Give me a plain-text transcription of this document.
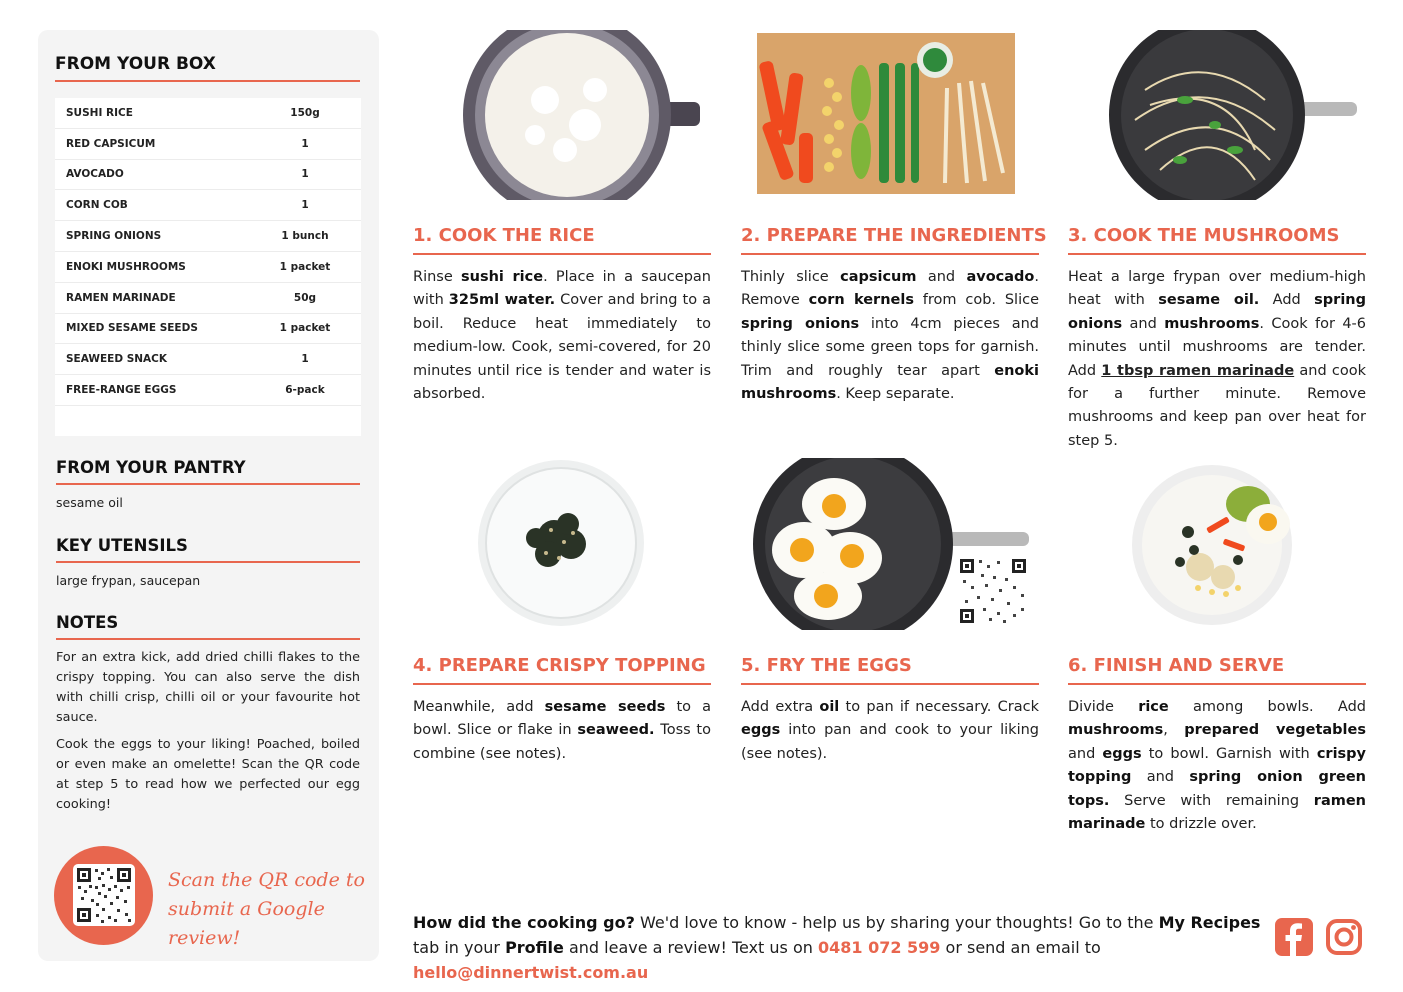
FROM YOUR BOX
SUSHI RICE	150g
RED CAPSICUM	1
AVOCADO	1
CORN COB	1
SPRING ONIONS	1 bunch
ENOKI MUSHROOMS	1 packet
RAMEN MARINADE	50g
MIXED SESAME SEEDS	1 packet
SEAWEED SNACK	1
FREE-RANGE EGGS	6-pack
FROM YOUR PANTRY
sesame oil
KEY UTENSILS
large frypan, saucepan
NOTES

For an extra kick, add dried chilli flakes to the crispy topping. You can also serve the dish with chilli crisp, chilli oil or your favourite hot sauce.

Cook the eggs to your liking! Poached, boiled or even make an omelette! Scan the QR code at step 5 to read how we perfected our egg cooking!

Scan the QR code to
submit a Google review!
1. COOK THE RICE
Rinse sushi rice. Place in a saucepan with 325ml water. Cover and bring to a boil. Reduce heat immediately to medium-low. Cook, semi-covered, for 20 minutes until rice is tender and water is absorbed.
2. PREPARE THE INGREDIENTS
Thinly slice capsicum and avocado. Remove corn kernels from cob. Slice spring onions into 4cm pieces and thinly slice some green tops for garnish. Trim and roughly tear apart enoki mushrooms. Keep separate.
3. COOK THE MUSHROOMS
Heat a large frypan over medium-high heat with sesame oil. Add spring onions and mushrooms. Cook for 4-6 minutes until mushrooms are tender. Add 1 tbsp ramen marinade and cook for a further minute. Remove mushrooms and keep pan over heat for step 5.
4. PREPARE CRISPY TOPPING
Meanwhile, add sesame seeds to a bowl. Slice or flake in seaweed. Toss to combine (see notes).
5. FRY THE EGGS
Add extra oil to pan if necessary. Crack eggs into pan and cook to your liking (see notes).
6. FINISH AND SERVE
Divide rice among bowls. Add mushrooms, prepared vegetables and eggs to bowl. Garnish with crispy topping and spring onion green tops. Serve with remaining ramen marinade to drizzle over.
How did the cooking go? We'd love to know - help us by sharing your thoughts! Go to the My Recipes tab in your Profile and leave a review! Text us on 0481 072 599 or send an email to hello@dinnertwist.com.au
